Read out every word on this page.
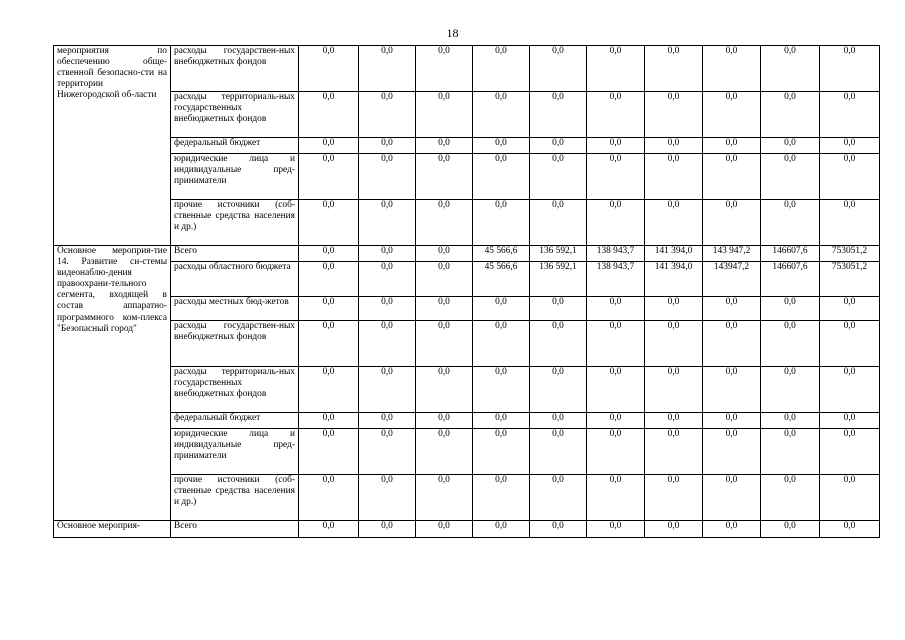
18
мероприятия по обеспечению обще-ственной безопасно-сти на территории Нижегородской об-ласти	расходы государствен-ных внебюджетных фондов	0,0	0,0	0,0	0,0	0,0	0,0	0,0	0,0	0,0	0,0
	расходы территориаль-ных государственных внебюджетных фондов	0,0	0,0	0,0	0,0	0,0	0,0	0,0	0,0	0,0	0,0
	федеральный бюджет	0,0	0,0	0,0	0,0	0,0	0,0	0,0	0,0	0,0	0,0
	юридические лица и индивидуальные пред-приниматели	0,0	0,0	0,0	0,0	0,0	0,0	0,0	0,0	0,0	0,0
	прочие источники (соб-ственные средства населения и др.)	0,0	0,0	0,0	0,0	0,0	0,0	0,0	0,0	0,0	0,0
Основное мероприя-тие 14. Развитие си-стемы видеонаблю-дения правоохрани-тельного сегмента, входящей в состав аппаратно-программного ком-плекса "Безопасный город"	Всего	0,0	0,0	0,0	45 566,6	136 592,1	138 943,7	141 394,0	143 947,2	146607,6	753051,2
	расходы областного бюджета	0,0	0,0	0,0	45 566,6	136 592,1	138 943,7	141 394,0	143947,2	146607,6	753051,2
	расходы местных бюд-жетов	0,0	0,0	0,0	0,0	0,0	0,0	0,0	0,0	0,0	0,0
	расходы государствен-ных внебюджетных фондов	0,0	0,0	0,0	0,0	0,0	0,0	0,0	0,0	0,0	0,0
	расходы территориаль-ных государственных внебюджетных фондов	0,0	0,0	0,0	0,0	0,0	0,0	0,0	0,0	0,0	0,0
	федеральный бюджет	0,0	0,0	0,0	0,0	0,0	0,0	0,0	0,0	0,0	0,0
	юридические лица и индивидуальные пред-приниматели	0,0	0,0	0,0	0,0	0,0	0,0	0,0	0,0	0,0	0,0
	прочие источники (соб-ственные средства населения и др.)	0,0	0,0	0,0	0,0	0,0	0,0	0,0	0,0	0,0	0,0
Основное мероприя-	Всего	0,0	0,0	0,0	0,0	0,0	0,0	0,0	0,0	0,0	0,0
